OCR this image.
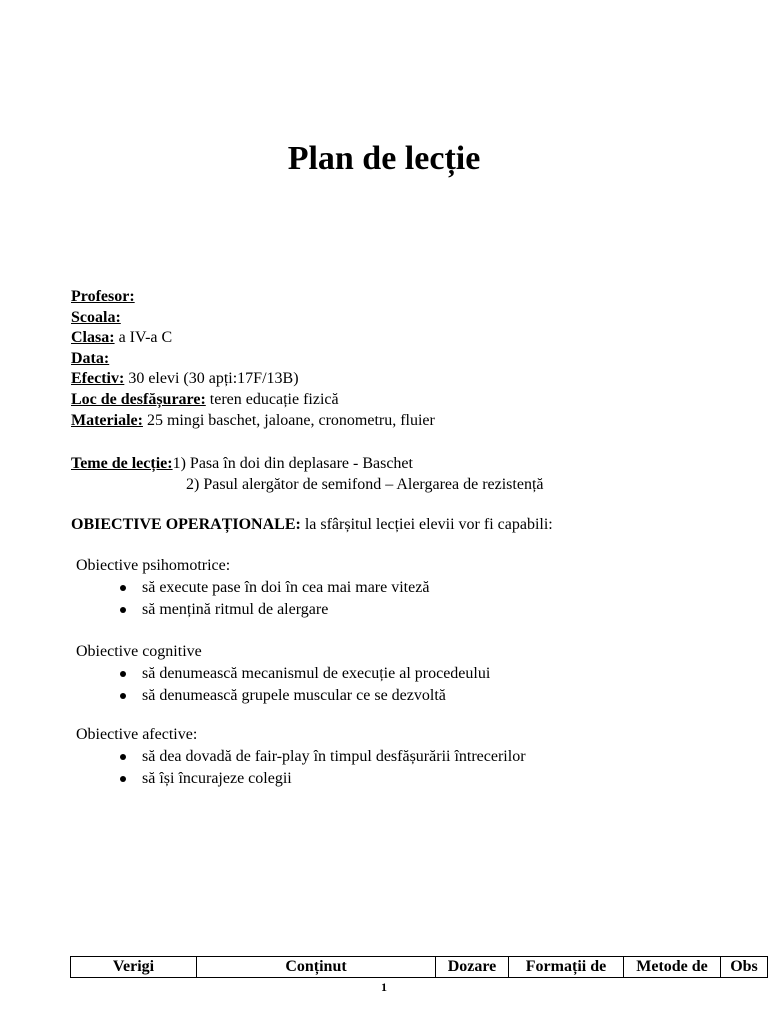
Plan de lecție
Profesor:
Scoala:
Clasa: a IV-a C
Data:
Efectiv: 30 elevi (30 apți:17F/13B)
Loc de desfășurare: teren educație fizică
Materiale: 25 mingi baschet, jaloane, cronometru, fluier
Teme de lecție:1) Pasa în doi din deplasare - Baschet
2) Pasul alergător de semifond – Alergarea de rezistență
OBIECTIVE OPERAȚIONALE: la sfârșitul lecției elevii vor fi capabili:
Obiective psihomotrice:
să execute pase în doi în cea mai mare viteză
să mențină ritmul de alergare
Obiective cognitive
să denumească mecanismul de execuție al procedeului
să denumească grupele muscular ce se dezvoltă
Obiective afective:
să dea dovadă de fair-play în timpul desfășurării întrecerilor
să își încurajeze colegii
Verigi	Conținut	Dozare	Formații de	Metode de	Obs
1
